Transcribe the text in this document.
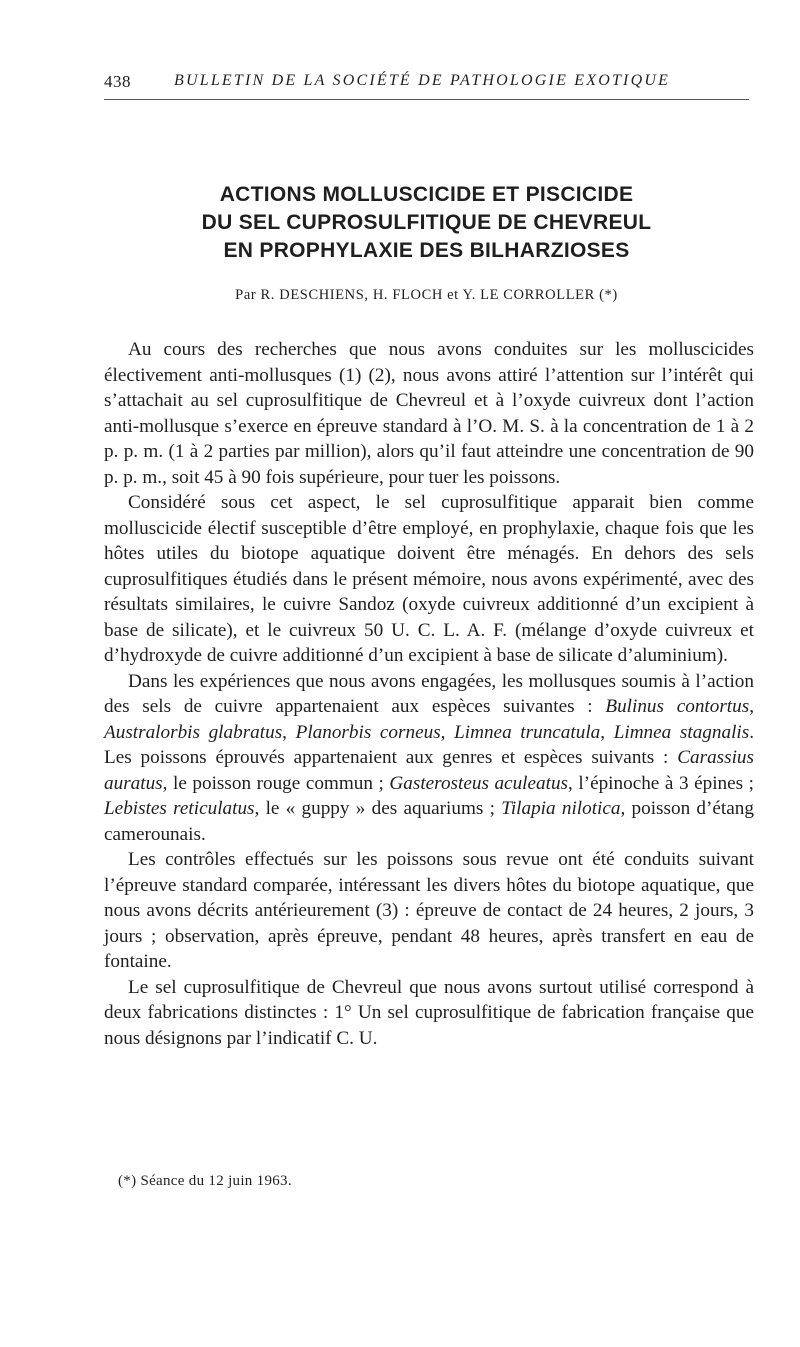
438	BULLETIN DE LA SOCIÉTÉ DE PATHOLOGIE EXOTIQUE
ACTIONS MOLLUSCICIDE ET PISCICIDE
DU SEL CUPROSULFITIQUE DE CHEVREUL
EN PROPHYLAXIE DES BILHARZIOSES
Par R. DESCHIENS, H. FLOCH et Y. LE CORROLLER (*)

Au cours des recherches que nous avons conduites sur les molluscicides électivement anti-mollusques (1) (2), nous avons attiré l’attention sur l’intérêt qui s’attachait au sel cuprosulfitique de Chevreul et à l’oxyde cuivreux dont l’action anti-mollusque s’exerce en épreuve standard à l’O. M. S. à la concentration de 1 à 2 p. p. m. (1 à 2 parties par million), alors qu’il faut atteindre une concentration de 90 p. p. m., soit 45 à 90 fois supérieure, pour tuer les poissons.

Considéré sous cet aspect, le sel cuprosulfitique apparait bien comme molluscicide électif susceptible d’être employé, en prophylaxie, chaque fois que les hôtes utiles du biotope aquatique doivent être ménagés. En dehors des sels cuprosulfitiques étudiés dans le présent mémoire, nous avons expérimenté, avec des résultats similaires, le cuivre Sandoz (oxyde cuivreux additionné d’un excipient à base de silicate), et le cuivreux 50 U. C. L. A. F. (mélange d’oxyde cuivreux et d’hydroxyde de cuivre additionné d’un excipient à base de silicate d’aluminium).

Dans les expériences que nous avons engagées, les mollusques soumis à l’action des sels de cuivre appartenaient aux espèces suivantes : Bulinus contortus, Australorbis glabratus, Planorbis corneus, Limnea truncatula, Limnea stagnalis. Les poissons éprouvés appartenaient aux genres et espèces suivants : Carassius auratus, le poisson rouge commun ; Gasterosteus aculeatus, l’épinoche à 3 épines ; Lebistes reticulatus, le « guppy » des aquariums ; Tilapia nilotica, poisson d’étang camerounais.

Les contrôles effectués sur les poissons sous revue ont été conduits suivant l’épreuve standard comparée, intéressant les divers hôtes du biotope aquatique, que nous avons décrits antérieurement (3) : épreuve de contact de 24 heures, 2 jours, 3 jours ; observation, après épreuve, pendant 48 heures, après transfert en eau de fontaine.

Le sel cuprosulfitique de Chevreul que nous avons surtout utilisé correspond à deux fabrications distinctes : 1° Un sel cuprosulfitique de fabrication française que nous désignons par l’indicatif C. U.

(*) Séance du 12 juin 1963.
